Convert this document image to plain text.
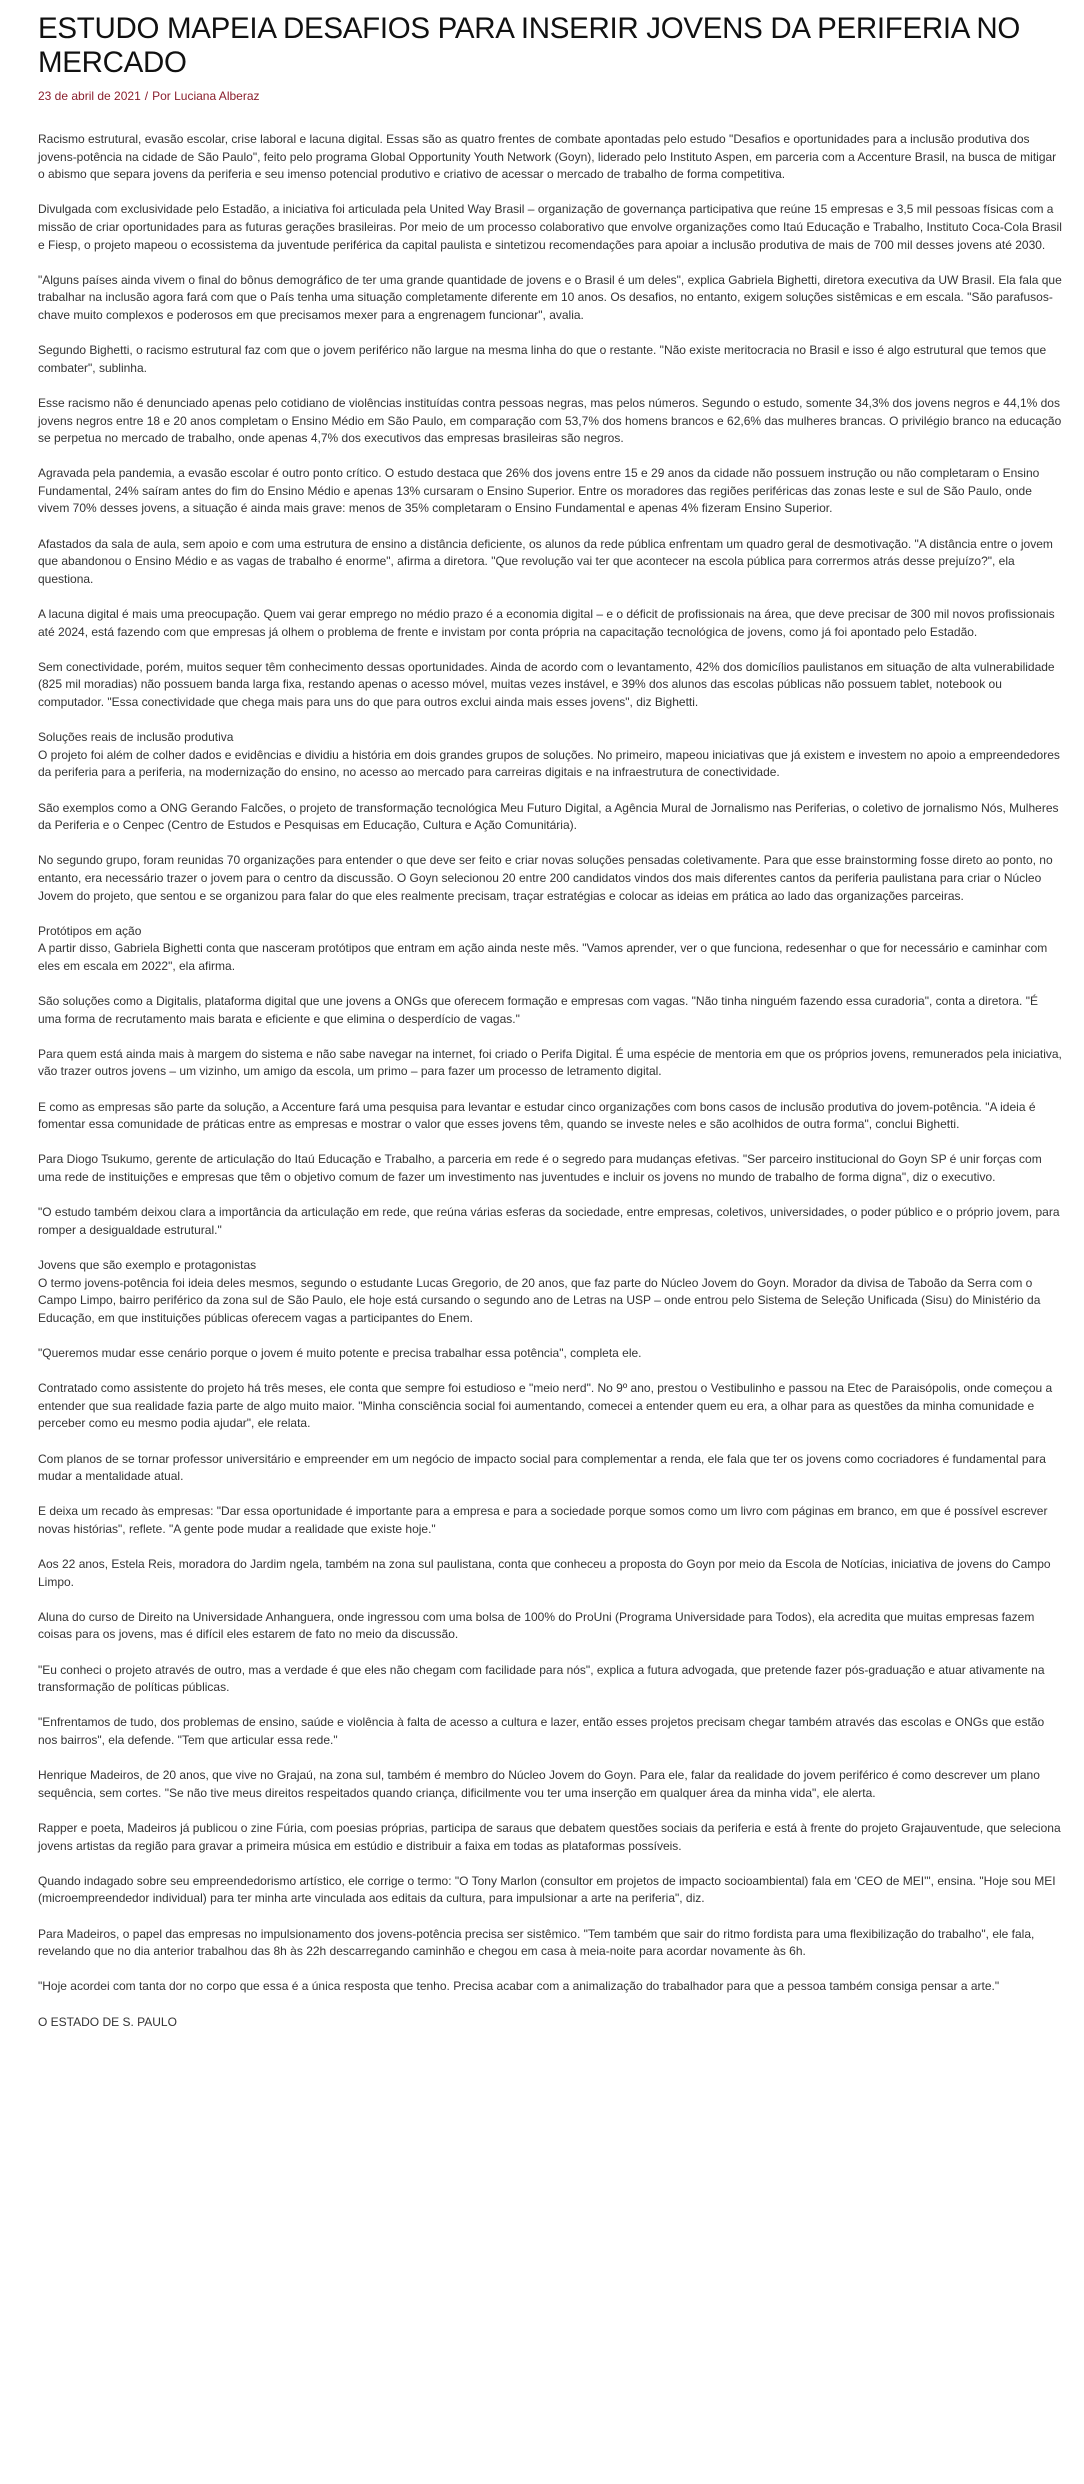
ESTUDO MAPEIA DESAFIOS PARA INSERIR JOVENS DA PERIFERIA NO MERCADO
23 de abril de 2021 / Por Luciana Alberaz

Racismo estrutural, evasão escolar, crise laboral e lacuna digital. Essas são as quatro frentes de combate apontadas pelo estudo "Desafios e oportunidades para a inclusão produtiva dos jovens-potência na cidade de São Paulo", feito pelo programa Global Opportunity Youth Network (Goyn), liderado pelo Instituto Aspen, em parceria com a Accenture Brasil, na busca de mitigar o abismo que separa jovens da periferia e seu imenso potencial produtivo e criativo de acessar o mercado de trabalho de forma competitiva.

Divulgada com exclusividade pelo Estadão, a iniciativa foi articulada pela United Way Brasil – organização de governança participativa que reúne 15 empresas e 3,5 mil pessoas físicas com a missão de criar oportunidades para as futuras gerações brasileiras. Por meio de um processo colaborativo que envolve organizações como Itaú Educação e Trabalho, Instituto Coca-Cola Brasil e Fiesp, o projeto mapeou o ecossistema da juventude periférica da capital paulista e sintetizou recomendações para apoiar a inclusão produtiva de mais de 700 mil desses jovens até 2030.

"Alguns países ainda vivem o final do bônus demográfico de ter uma grande quantidade de jovens e o Brasil é um deles", explica Gabriela Bighetti, diretora executiva da UW Brasil. Ela fala que trabalhar na inclusão agora fará com que o País tenha uma situação completamente diferente em 10 anos. Os desafios, no entanto, exigem soluções sistêmicas e em escala. "São parafusos-chave muito complexos e poderosos em que precisamos mexer para a engrenagem funcionar", avalia.

Segundo Bighetti, o racismo estrutural faz com que o jovem periférico não largue na mesma linha do que o restante. "Não existe meritocracia no Brasil e isso é algo estrutural que temos que combater", sublinha.

Esse racismo não é denunciado apenas pelo cotidiano de violências instituídas contra pessoas negras, mas pelos números. Segundo o estudo, somente 34,3% dos jovens negros e 44,1% dos jovens negros entre 18 e 20 anos completam o Ensino Médio em São Paulo, em comparação com 53,7% dos homens brancos e 62,6% das mulheres brancas. O privilégio branco na educação se perpetua no mercado de trabalho, onde apenas 4,7% dos executivos das empresas brasileiras são negros.

Agravada pela pandemia, a evasão escolar é outro ponto crítico. O estudo destaca que 26% dos jovens entre 15 e 29 anos da cidade não possuem instrução ou não completaram o Ensino Fundamental, 24% saíram antes do fim do Ensino Médio e apenas 13% cursaram o Ensino Superior. Entre os moradores das regiões periféricas das zonas leste e sul de São Paulo, onde vivem 70% desses jovens, a situação é ainda mais grave: menos de 35% completaram o Ensino Fundamental e apenas 4% fizeram Ensino Superior.

Afastados da sala de aula, sem apoio e com uma estrutura de ensino a distância deficiente, os alunos da rede pública enfrentam um quadro geral de desmotivação. "A distância entre o jovem que abandonou o Ensino Médio e as vagas de trabalho é enorme", afirma a diretora. "Que revolução vai ter que acontecer na escola pública para corrermos atrás desse prejuízo?", ela questiona.

A lacuna digital é mais uma preocupação. Quem vai gerar emprego no médio prazo é a economia digital – e o déficit de profissionais na área, que deve precisar de 300 mil novos profissionais até 2024, está fazendo com que empresas já olhem o problema de frente e invistam por conta própria na capacitação tecnológica de jovens, como já foi apontado pelo Estadão.

Sem conectividade, porém, muitos sequer têm conhecimento dessas oportunidades. Ainda de acordo com o levantamento, 42% dos domicílios paulistanos em situação de alta vulnerabilidade (825 mil moradias) não possuem banda larga fixa, restando apenas o acesso móvel, muitas vezes instável, e 39% dos alunos das escolas públicas não possuem tablet, notebook ou computador. "Essa conectividade que chega mais para uns do que para outros exclui ainda mais esses jovens", diz Bighetti.

Soluções reais de inclusão produtiva

O projeto foi além de colher dados e evidências e dividiu a história em dois grandes grupos de soluções. No primeiro, mapeou iniciativas que já existem e investem no apoio a empreendedores da periferia para a periferia, na modernização do ensino, no acesso ao mercado para carreiras digitais e na infraestrutura de conectividade.

São exemplos como a ONG Gerando Falcões, o projeto de transformação tecnológica Meu Futuro Digital, a Agência Mural de Jornalismo nas Periferias, o coletivo de jornalismo Nós, Mulheres da Periferia e o Cenpec (Centro de Estudos e Pesquisas em Educação, Cultura e Ação Comunitária).

No segundo grupo, foram reunidas 70 organizações para entender o que deve ser feito e criar novas soluções pensadas coletivamente. Para que esse brainstorming fosse direto ao ponto, no entanto, era necessário trazer o jovem para o centro da discussão. O Goyn selecionou 20 entre 200 candidatos vindos dos mais diferentes cantos da periferia paulistana para criar o Núcleo Jovem do projeto, que sentou e se organizou para falar do que eles realmente precisam, traçar estratégias e colocar as ideias em prática ao lado das organizações parceiras.

Protótipos em ação

A partir disso, Gabriela Bighetti conta que nasceram protótipos que entram em ação ainda neste mês. "Vamos aprender, ver o que funciona, redesenhar o que for necessário e caminhar com eles em escala em 2022", ela afirma.

São soluções como a Digitalis, plataforma digital que une jovens a ONGs que oferecem formação e empresas com vagas. "Não tinha ninguém fazendo essa curadoria", conta a diretora. "É uma forma de recrutamento mais barata e eficiente e que elimina o desperdício de vagas."

Para quem está ainda mais à margem do sistema e não sabe navegar na internet, foi criado o Perifa Digital. É uma espécie de mentoria em que os próprios jovens, remunerados pela iniciativa, vão trazer outros jovens – um vizinho, um amigo da escola, um primo – para fazer um processo de letramento digital.

E como as empresas são parte da solução, a Accenture fará uma pesquisa para levantar e estudar cinco organizações com bons casos de inclusão produtiva do jovem-potência. "A ideia é fomentar essa comunidade de práticas entre as empresas e mostrar o valor que esses jovens têm, quando se investe neles e são acolhidos de outra forma", conclui Bighetti.

Para Diogo Tsukumo, gerente de articulação do Itaú Educação e Trabalho, a parceria em rede é o segredo para mudanças efetivas. "Ser parceiro institucional do Goyn SP é unir forças com uma rede de instituições e empresas que têm o objetivo comum de fazer um investimento nas juventudes e incluir os jovens no mundo de trabalho de forma digna", diz o executivo.

"O estudo também deixou clara a importância da articulação em rede, que reúna várias esferas da sociedade, entre empresas, coletivos, universidades, o poder público e o próprio jovem, para romper a desigualdade estrutural."

Jovens que são exemplo e protagonistas

O termo jovens-potência foi ideia deles mesmos, segundo o estudante Lucas Gregorio, de 20 anos, que faz parte do Núcleo Jovem do Goyn. Morador da divisa de Taboão da Serra com o Campo Limpo, bairro periférico da zona sul de São Paulo, ele hoje está cursando o segundo ano de Letras na USP – onde entrou pelo Sistema de Seleção Unificada (Sisu) do Ministério da Educação, em que instituições públicas oferecem vagas a participantes do Enem.

"Queremos mudar esse cenário porque o jovem é muito potente e precisa trabalhar essa potência", completa ele.

Contratado como assistente do projeto há três meses, ele conta que sempre foi estudioso e "meio nerd". No 9º ano, prestou o Vestibulinho e passou na Etec de Paraisópolis, onde começou a entender que sua realidade fazia parte de algo muito maior. "Minha consciência social foi aumentando, comecei a entender quem eu era, a olhar para as questões da minha comunidade e perceber como eu mesmo podia ajudar", ele relata.

Com planos de se tornar professor universitário e empreender em um negócio de impacto social para complementar a renda, ele fala que ter os jovens como cocriadores é fundamental para mudar a mentalidade atual.

E deixa um recado às empresas: "Dar essa oportunidade é importante para a empresa e para a sociedade porque somos como um livro com páginas em branco, em que é possível escrever novas histórias", reflete. "A gente pode mudar a realidade que existe hoje."

Aos 22 anos, Estela Reis, moradora do Jardim ngela, também na zona sul paulistana, conta que conheceu a proposta do Goyn por meio da Escola de Notícias, iniciativa de jovens do Campo Limpo.

Aluna do curso de Direito na Universidade Anhanguera, onde ingressou com uma bolsa de 100% do ProUni (Programa Universidade para Todos), ela acredita que muitas empresas fazem coisas para os jovens, mas é difícil eles estarem de fato no meio da discussão.

"Eu conheci o projeto através de outro, mas a verdade é que eles não chegam com facilidade para nós", explica a futura advogada, que pretende fazer pós-graduação e atuar ativamente na transformação de políticas públicas.

"Enfrentamos de tudo, dos problemas de ensino, saúde e violência à falta de acesso a cultura e lazer, então esses projetos precisam chegar também através das escolas e ONGs que estão nos bairros", ela defende. "Tem que articular essa rede."

Henrique Madeiros, de 20 anos, que vive no Grajaú, na zona sul, também é membro do Núcleo Jovem do Goyn. Para ele, falar da realidade do jovem periférico é como descrever um plano sequência, sem cortes. "Se não tive meus direitos respeitados quando criança, dificilmente vou ter uma inserção em qualquer área da minha vida", ele alerta.

Rapper e poeta, Madeiros já publicou o zine Fúria, com poesias próprias, participa de saraus que debatem questões sociais da periferia e está à frente do projeto Grajauventude, que seleciona jovens artistas da região para gravar a primeira música em estúdio e distribuir a faixa em todas as plataformas possíveis.

Quando indagado sobre seu empreendedorismo artístico, ele corrige o termo: "O Tony Marlon (consultor em projetos de impacto socioambiental) fala em 'CEO de MEI'", ensina. "Hoje sou MEI (microempreendedor individual) para ter minha arte vinculada aos editais da cultura, para impulsionar a arte na periferia", diz.

Para Madeiros, o papel das empresas no impulsionamento dos jovens-potência precisa ser sistêmico. "Tem também que sair do ritmo fordista para uma flexibilização do trabalho", ele fala, revelando que no dia anterior trabalhou das 8h às 22h descarregando caminhão e chegou em casa à meia-noite para acordar novamente às 6h.

"Hoje acordei com tanta dor no corpo que essa é a única resposta que tenho. Precisa acabar com a animalização do trabalhador para que a pessoa também consiga pensar a arte."

O ESTADO DE S. PAULO
